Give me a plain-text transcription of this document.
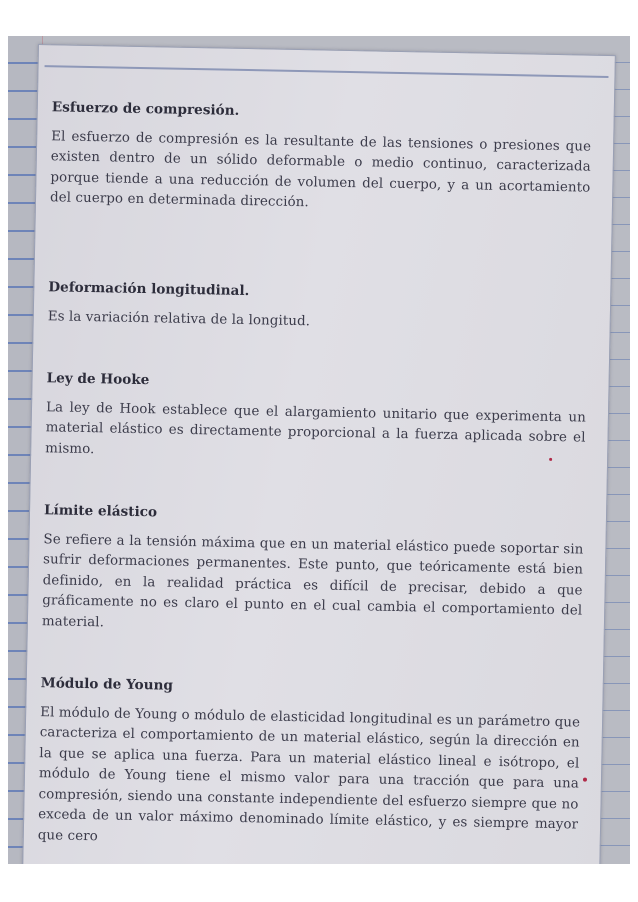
Esfuerzo de compresión.

El esfuerzo de compresión es la resultante de las tensiones o presiones que existen dentro de un sólido deformable o medio continuo, caracterizada porque tiende a una reducción de volumen del cuerpo, y a un acortamiento del cuerpo en determinada dirección.

Deformación longitudinal.

Es la variación relativa de la longitud.

Ley de Hooke

La ley de Hook establece que el alargamiento unitario que experimenta un material elástico es directamente proporcional a la fuerza aplicada sobre el mismo.

Límite elástico

Se refiere a la tensión máxima que en un material elástico puede soportar sin sufrir deformaciones permanentes. Este punto, que teóricamente está bien definido, en la realidad práctica es difícil de precisar, debido a que gráficamente no es claro el punto en el cual cambia el comportamiento del material.

Módulo de Young

El módulo de Young o módulo de elasticidad longitudinal es un parámetro que caracteriza el comportamiento de un material elástico, según la dirección en la que se aplica una fuerza. Para un material elástico lineal e isótropo, el módulo de Young tiene el mismo valor para una tracción que para una compresión, siendo una constante independiente del esfuerzo siempre que no exceda de un valor máximo denominado límite elástico, y es siempre mayor que cero
